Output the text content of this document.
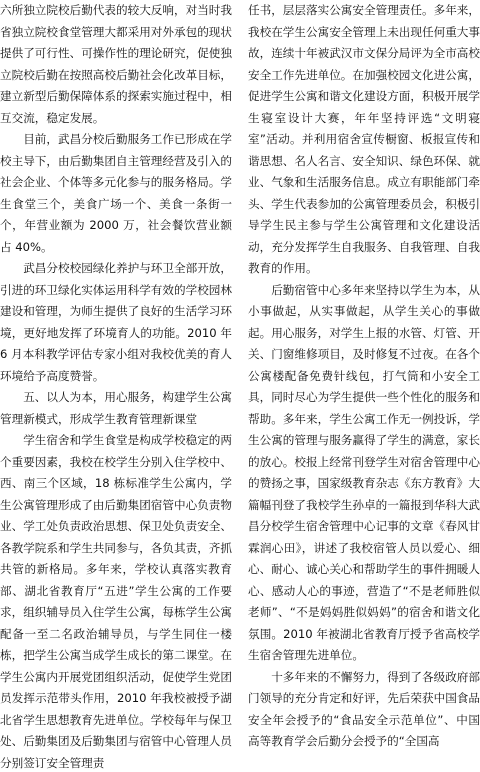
六所独立院校后勤代表的较大反响，对当时我省独立院校食堂管理大都采用对外承包的现状提供了可行性、可操作性的理论研究，促使独立院校后勤在按照高校后勤社会化改革目标，建立新型后勤保障体系的探索实施过程中，相互交流，稳定发展。

　　目前，武昌分校后勤服务工作已形成在学校主导下，由后勤集团自主管理经营及引入的社会企业、个体等多元化参与的服务格局。学生食堂三个，美食广场一个、美食一条街一个，年营业额为 2000 万，社会餐饮营业额占 40%。

　　武昌分校校园绿化养护与环卫全部开放，引进的环卫绿化实体运用科学有效的学校园林建设和管理，为师生提供了良好的生活学习环境，更好地发挥了环境育人的功能。2010 年 6 月本科教学评估专家小组对我校优美的育人环境给予高度赞誉。

　　五、以人为本，用心服务，构建学生公寓管理新模式，形成学生教育管理新课堂

　　学生宿舍和学生食堂是构成学校稳定的两个重要因素，我校在校学生分别入住学校中、西、南三个区域，18 栋标准学生公寓内，学生公寓管理形成了由后勤集团宿管中心负责物业、学工处负责政治思想、保卫处负责安全、各教学院系和学生共同参与，各负其责，齐抓共管的新格局。多年来，学校认真落实教育部、湖北省教育厅“五进”学生公寓的工作要求，组织辅导员入住学生公寓，每栋学生公寓配备一至二名政治辅导员，与学生同住一楼栋，把学生公寓当成学生成长的第二课堂。在学生公寓内开展党团组织活动，促使学生党团员发挥示范带头作用，2010 年我校被授予湖北省学生思想教育先进单位。学校每年与保卫处、后勤集团及后勤集团与宿管中心管理人员分别签订安全管理责

任书，层层落实公寓安全管理责任。多年来，我校在学生公寓安全管理上未出现任何重大事故，连续十年被武汉市文保分局评为全市高校安全工作先进单位。在加强校园文化进公寓，促进学生公寓和谐文化建设方面，积极开展学生寝室设计大赛，年年坚持评选“文明寝室”活动。并利用宿舍宣传橱窗、板报宣传和谐思想、名人名言、安全知识、绿色环保、就业、气象和生活服务信息。成立有职能部门牵头、学生代表参加的公寓管理委员会，积极引导学生民主参与学生公寓管理和文化建设活动，充分发挥学生自我服务、自我管理、自我教育的作用。

　　后勤宿管中心多年来坚持以学生为本，从小事做起，从实事做起，从学生关心的事做起。用心服务，对学生上报的水管、灯管、开关、门窗维修项目，及时修复不过夜。在各个公寓楼配备免费针线包，打气筒和小安全工具，同时尽心为学生提供一些个性化的服务和帮助。多年来，学生公寓工作无一例投诉，学生公寓的管理与服务赢得了学生的满意，家长的放心。校报上经常刊登学生对宿舍管理中心的赞扬之事，国家级教育杂志《东方教育》大篇幅刊登了我校学生孙卓的一篇报到华科大武昌分校学生宿舍管理中心记事的文章《春风甘霖润心田》，讲述了我校宿管人员以爱心、细心、耐心、诚心关心和帮助学生的事件拥暖人心、感动人心的事迹，营造了“不是老师胜似老师”、“不是妈妈胜似妈妈”的宿舍和谐文化氛围。2010 年被湖北省教育厅授予省高校学生宿舍管理先进单位。

　　十多年来的不懈努力，得到了各级政府部门领导的充分肯定和好评，先后荣获中国食品安全年会授予的“食品安全示范单位”、中国高等教育学会后勤分会授予的“全国高
